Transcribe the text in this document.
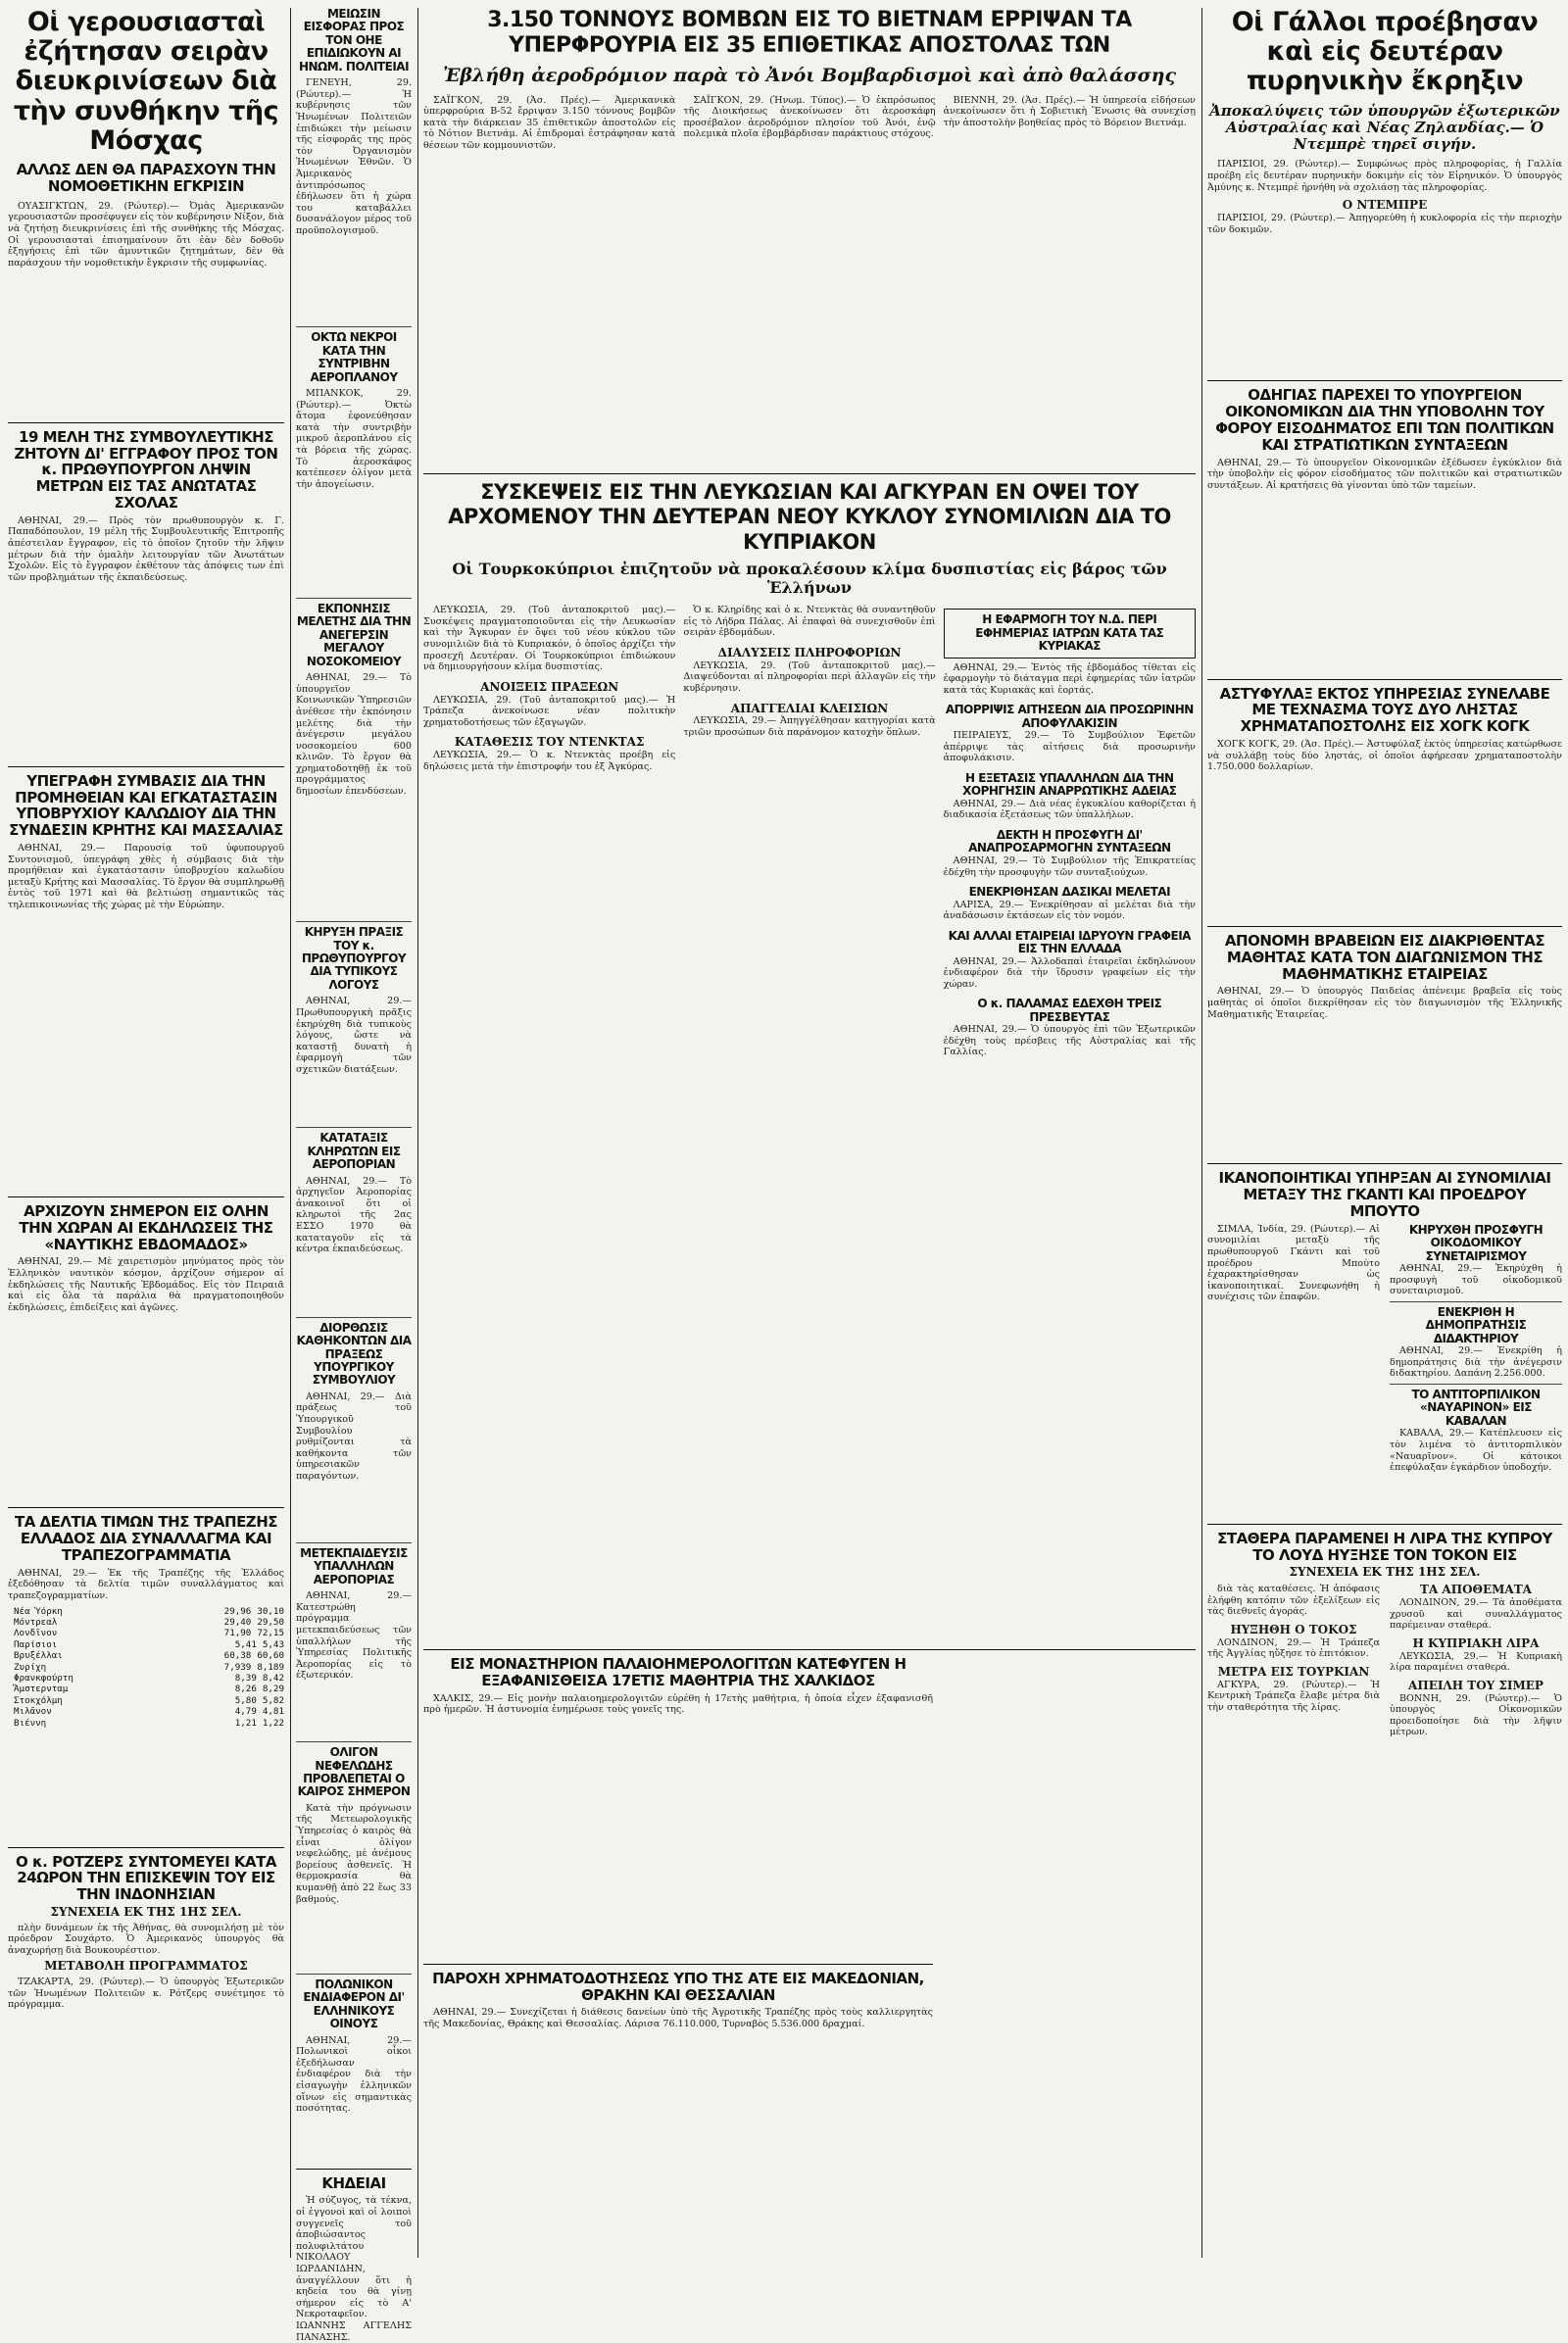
Οἱ γερουσιασταὶ ἐζήτησαν σειρὰν διευκρινίσεων διὰ τὴν συνθήκην τῆς Μόσχας
ΑΛΛΩΣ ΔΕΝ ΘΑ ΠΑΡΑΣΧΟΥΝ ΤΗΝ ΝΟΜΟΘΕΤΙΚΗΝ ΕΓΚΡΙΣΙΝ

ΟΥΑΣΙΓΚΤΩΝ, 29. (Ρώυτερ).— Ὀμὰς Ἀμερικανῶν γερουσιαστῶν προσέφυγεν εἰς τὸν κυβέρνησιν Νίξον, διὰ νὰ ζητήσῃ διευκρινίσεις ἐπὶ τῆς συνθήκης τῆς Μόσχας. Οἱ γερουσιασταὶ ἐπισημαίνουν ὅτι ἐὰν δὲν δοθοῦν ἐξηγήσεις ἐπὶ τῶν ἀμυντικῶν ζητημάτων, δὲν θὰ παράσχουν τὴν νομοθετικὴν ἔγκρισιν τῆς συμφωνίας.

19 ΜΕΛΗ ΤΗΣ ΣΥΜΒΟΥΛΕΥΤΙΚΗΣ ΖΗΤΟΥΝ ΔΙ' ΕΓΓΡΑΦΟΥ ΠΡΟΣ ΤΟΝ κ. ΠΡΩΘΥΠΟΥΡΓΟΝ ΛΗΨΙΝ ΜΕΤΡΩΝ ΕΙΣ ΤΑΣ ΑΝΩΤΑΤΑΣ ΣΧΟΛΑΣ

ΑΘΗΝΑΙ, 29.— Πρὸς τὸν πρωθυπουργὸν κ. Γ. Παπαδόπουλον, 19 μέλη τῆς Συμβουλευτικῆς Ἐπιτροπῆς ἀπέστειλαν ἔγγραφον, εἰς τὸ ὁποῖον ζητοῦν τὴν λῆψιν μέτρων διὰ τὴν ὁμαλὴν λειτουργίαν τῶν Ἀνωτάτων Σχολῶν. Εἰς τὸ ἔγγραφον ἐκθέτουν τὰς ἀπόψεις των ἐπὶ τῶν προβλημάτων τῆς ἐκπαιδεύσεως.

ΥΠΕΓΡΑΦΗ ΣΥΜΒΑΣΙΣ ΔΙΑ ΤΗΝ ΠΡΟΜΗΘΕΙΑΝ ΚΑΙ ΕΓΚΑΤΑΣΤΑΣΙΝ ΥΠΟΒΡΥΧΙΟΥ ΚΑΛΩΔΙΟΥ ΔΙΑ ΤΗΝ ΣΥΝΔΕΣΙΝ ΚΡΗΤΗΣ ΚΑΙ ΜΑΣΣΑΛΙΑΣ

ΑΘΗΝΑΙ, 29.— Παρουσίᾳ τοῦ ὑφυπουργοῦ Συντονισμοῦ, ὑπεγράφη χθὲς ἡ σύμβασις διὰ τὴν προμήθειαν καὶ ἐγκατάστασιν ὑποβρυχίου καλωδίου μεταξὺ Κρήτης καὶ Μασσαλίας. Τὸ ἔργον θὰ συμπληρωθῇ ἐντὸς τοῦ 1971 καὶ θὰ βελτιώσῃ σημαντικῶς τὰς τηλεπικοινωνίας τῆς χώρας μὲ τὴν Εὐρώπην.

ΑΡΧΙΖΟΥΝ ΣΗΜΕΡΟΝ ΕΙΣ ΟΛΗΝ ΤΗΝ ΧΩΡΑΝ ΑΙ ΕΚΔΗΛΩΣΕΙΣ ΤΗΣ «ΝΑΥΤΙΚΗΣ ΕΒΔΟΜΑΔΟΣ»

ΑΘΗΝΑΙ, 29.— Μὲ χαιρετισμὸν μηνύματος πρὸς τὸν Ἑλληνικὸν ναυτικὸν κόσμον, ἀρχίζουν σήμερον αἱ ἐκδηλώσεις τῆς Ναυτικῆς Ἑβδομάδος. Εἰς τὸν Πειραιᾶ καὶ εἰς ὅλα τὰ παράλια θὰ πραγματοποιηθοῦν ἐκδηλώσεις, ἐπιδείξεις καὶ ἀγῶνες.

ΤΑ ΔΕΛΤΙΑ ΤΙΜΩΝ ΤΗΣ ΤΡΑΠΕΖΗΣ ΕΛΛΑΔΟΣ ΔΙΑ ΣΥΝΑΛΛΑΓΜΑ ΚΑΙ ΤΡΑΠΕΖΟΓΡΑΜΜΑΤΙΑ

ΑΘΗΝΑΙ, 29.— Ἐκ τῆς Τραπέζης τῆς Ἑλλάδος ἐξεδόθησαν τὰ δελτία τιμῶν συναλλάγματος καὶ τραπεζογραμματίων.

Νέα Ὑόρκη	29,96 30,10
Μόντρεαλ	29,40 29,50
Λονδῖνον	71,90 72,15
Παρίσιοι	5,41 5,43
Βρυξέλλαι	60,38 60,60
Ζυρίχη	7,939 8,189
Φρανκφούρτη	8,39 8,42
Ἄμστερνταμ	8,26 8,29
Στοκχόλμη	5,80 5,82
Μιλᾶνον	4,79 4,81
Βιέννη	1,21 1,22
Ο κ. ΡΟΤΖΕΡΣ ΣΥΝΤΟΜΕΥΕΙ ΚΑΤΑ 24ΩΡΟΝ ΤΗΝ ΕΠΙΣΚΕΨΙΝ ΤΟΥ ΕΙΣ ΤΗΝ ΙΝΔΟΝΗΣΙΑΝ
ΣΥΝΕΧΕΙΑ ΕΚ ΤΗΣ 1ΗΣ ΣΕΛ.

πλὴν δυνάμεων ἐκ τῆς Ἀθήνας, θὰ συνομιλήσῃ μὲ τὸν πρόεδρον Σουχάρτο. Ὁ Ἀμερικανὸς ὑπουργὸς θὰ ἀναχωρήσῃ διὰ Βουκουρέστιον.

ΜΕΤΑΒΟΛΗ ΠΡΟΓΡΑΜΜΑΤΟΣ

ΤΖΑΚΑΡΤΑ, 29. (Ρώυτερ).— Ὁ ὑπουργὸς Ἐξωτερικῶν τῶν Ἡνωμένων Πολιτειῶν κ. Ρότζερς συνέτμησε τὸ πρόγραμμα.

ΜΕΙΩΣΙΝ ΕΙΣΦΟΡΑΣ ΠΡΟΣ ΤΟΝ ΟΗΕ ΕΠΙΔΙΩΚΟΥΝ ΑΙ ΗΝΩΜ. ΠΟΛΙΤΕΙΑΙ

ΓΕΝΕΥΗ, 29. (Ρώυτερ).— Ἡ κυβέρνησις τῶν Ἡνωμένων Πολιτειῶν ἐπιδιώκει τὴν μείωσιν τῆς εἰσφορᾶς της πρὸς τὸν Ὀργανισμὸν Ἡνωμένων Ἐθνῶν. Ὁ Ἀμερικανὸς ἀντιπρόσωπος ἐδήλωσεν ὅτι ἡ χώρα του καταβάλλει δυσανάλογον μέρος τοῦ προϋπολογισμοῦ.

ΟΚΤΩ ΝΕΚΡΟΙ ΚΑΤΑ ΤΗΝ ΣΥΝΤΡΙΒΗΝ ΑΕΡΟΠΛΑΝΟΥ

ΜΠΑΝΚΟΚ, 29. (Ρώυτερ).— Ὀκτὼ ἄτομα ἐφονεύθησαν κατὰ τὴν συντριβὴν μικροῦ ἀεροπλάνου εἰς τὰ βόρεια τῆς χώρας. Τὸ ἀεροσκάφος κατέπεσεν ὀλίγον μετὰ τὴν ἀπογείωσιν.

ΕΚΠΟΝΗΣΙΣ ΜΕΛΕΤΗΣ ΔΙΑ ΤΗΝ ΑΝΕΓΕΡΣΙΝ ΜΕΓΑΛΟΥ ΝΟΣΟΚΟΜΕΙΟΥ

ΑΘΗΝΑΙ, 29.— Τὸ ὑπουργεῖον Κοινωνικῶν Ὑπηρεσιῶν ἀνέθεσε τὴν ἐκπόνησιν μελέτης διὰ τὴν ἀνέγερσιν μεγάλου νοσοκομείου 600 κλινῶν. Τὸ ἔργον θὰ χρηματοδοτηθῇ ἐκ τοῦ προγράμματος δημοσίων ἐπενδύσεων.

ΚΗΡΥΞΗ ΠΡΑΞΙΣ ΤΟΥ κ. ΠΡΩΘΥΠΟΥΡΓΟΥ ΔΙΑ ΤΥΠΙΚΟΥΣ ΛΟΓΟΥΣ

ΑΘΗΝΑΙ, 29.— Πρωθυπουργικὴ πρᾶξις ἐκηρύχθη διὰ τυπικοὺς λόγους, ὥστε νὰ καταστῇ δυνατὴ ἡ ἐφαρμογὴ τῶν σχετικῶν διατάξεων.

ΚΑΤΑΤΑΞΙΣ ΚΛΗΡΩΤΩΝ ΕΙΣ ΑΕΡΟΠΟΡΙΑΝ

ΑΘΗΝΑΙ, 29.— Τὸ ἀρχηγεῖον Ἀεροπορίας ἀνακοινοῖ ὅτι οἱ κληρωτοὶ τῆς 2ας ΕΣΣΟ 1970 θὰ καταταγοῦν εἰς τὰ κέντρα ἐκπαιδεύσεως.

ΔΙΟΡΘΩΣΙΣ ΚΑΘΗΚΟΝΤΩΝ ΔΙΑ ΠΡΑΞΕΩΣ ΥΠΟΥΡΓΙΚΟΥ ΣΥΜΒΟΥΛΙΟΥ

ΑΘΗΝΑΙ, 29.— Διὰ πράξεως τοῦ Ὑπουργικοῦ Συμβουλίου ρυθμίζονται τὰ καθήκοντα τῶν ὑπηρεσιακῶν παραγόντων.

ΜΕΤΕΚΠΑΙΔΕΥΣΙΣ ΥΠΑΛΛΗΛΩΝ ΑΕΡΟΠΟΡΙΑΣ

ΑΘΗΝΑΙ, 29.— Κατεστρώθη πρόγραμμα μετεκπαιδεύσεως τῶν ὑπαλλήλων τῆς Ὑπηρεσίας Πολιτικῆς Ἀεροπορίας εἰς τὸ ἐξωτερικόν.

ΟΛΙΓΟΝ ΝΕΦΕΛΩΔΗΣ ΠΡΟΒΛΕΠΕΤΑΙ Ο ΚΑΙΡΟΣ ΣΗΜΕΡΟΝ

Κατὰ τὴν πρόγνωσιν τῆς Μετεωρολογικῆς Ὑπηρεσίας ὁ καιρὸς θὰ εἶναι ὀλίγον νεφελώδης, μὲ ἀνέμους βορείους ἀσθενεῖς. Ἡ θερμοκρασία θὰ κυμανθῇ ἀπὸ 22 ἕως 33 βαθμούς.

ΠΟΛΩΝΙΚΟΝ ΕΝΔΙΑΦΕΡΟΝ ΔΙ' ΕΛΛΗΝΙΚΟΥΣ ΟΙΝΟΥΣ

ΑΘΗΝΑΙ, 29.— Πολωνικοὶ οἶκοι ἐξεδήλωσαν ἐνδιαφέρον διὰ τὴν εἰσαγωγὴν ἑλληνικῶν οἴνων εἰς σημαντικὰς ποσότητας.

ΚΗΔΕΙΑΙ

Ἡ σύζυγος, τὰ τέκνα, οἱ ἐγγονοὶ καὶ οἱ λοιποὶ συγγενεῖς τοῦ ἀποβιώσαντος πολυφιλτάτου ΝΙΚΟΛΑΟΥ ΙΩΡΔΑΝΙΔΗΝ, ἀναγγέλλουν ὅτι ἡ κηδεία του θὰ γίνῃ σήμερον εἰς τὸ Α' Νεκροταφεῖον. ΙΩΑΝΝΗΣ ΑΓΓΕΛΗΣ ΠΑΝΑΣΗΣ.

3.150 ΤΟΝΝΟΥΣ ΒΟΜΒΩΝ ΕΙΣ ΤΟ ΒΙΕΤΝΑΜ ΕΡΡΙΨΑΝ ΤΑ ΥΠΕΡΦΡΟΥΡΙΑ ΕΙΣ 35 ΕΠΙΘΕΤΙΚΑΣ ΑΠΟΣΤΟΛΑΣ ΤΩΝ
Ἐβλήθη ἀεροδρόμιον παρὰ τὸ Ἀνόι Βομβαρδισμοὶ καὶ ἀπὸ θαλάσσης

ΣΑΪΓΚΟΝ, 29. (Ἀσ. Πρές).— Ἀμερικανικὰ ὑπερφρούρια Β-52 ἔρριψαν 3.150 τόννους βομβῶν κατὰ τὴν διάρκειαν 35 ἐπιθετικῶν ἀποστολῶν εἰς τὸ Νότιον Βιετνάμ. Αἱ ἐπιδρομαὶ ἐστράφησαν κατὰ θέσεων τῶν κομμουνιστῶν.

ΣΑΪΓΚΟΝ, 29. (Ἡνωμ. Τύπος).— Ὁ ἐκπρόσωπος τῆς Διοικήσεως ἀνεκοίνωσεν ὅτι ἀεροσκάφη προσέβαλον ἀεροδρόμιον πλησίον τοῦ Ἀνόι, ἐνῷ πολεμικὰ πλοῖα ἐβομβάρδισαν παράκτιους στόχους.

ΒΙΕΝΝΗ, 29. (Ἀσ. Πρές).— Ἡ ὑπηρεσία εἰδήσεων ἀνεκοίνωσεν ὅτι ἡ Σοβιετικὴ Ἕνωσις θὰ συνεχίσῃ τὴν ἀποστολὴν βοηθείας πρὸς τὸ Βόρειον Βιετνάμ.

ΣΥΣΚΕΨΕΙΣ ΕΙΣ ΤΗΝ ΛΕΥΚΩΣΙΑΝ ΚΑΙ ΑΓΚΥΡΑΝ ΕΝ ΟΨΕΙ ΤΟΥ ΑΡΧΟΜΕΝΟΥ ΤΗΝ ΔΕΥΤΕΡΑΝ ΝΕΟΥ ΚΥΚΛΟΥ ΣΥΝΟΜΙΛΙΩΝ ΔΙΑ ΤΟ ΚΥΠΡΙΑΚΟΝ
Οἱ Τουρκοκύπριοι ἐπιζητοῦν νὰ προκαλέσουν κλίμα δυσπιστίας εἰς βάρος τῶν Ἑλλήνων

ΛΕΥΚΩΣΙΑ, 29. (Τοῦ ἀνταποκριτοῦ μας).— Συσκέψεις πραγματοποιοῦνται εἰς τὴν Λευκωσίαν καὶ τὴν Ἄγκυραν ἐν ὄψει τοῦ νέου κύκλου τῶν συνομιλιῶν διὰ τὸ Κυπριακόν, ὁ ὁποῖος ἀρχίζει τὴν προσεχῆ Δευτέραν. Οἱ Τουρκοκύπριοι ἐπιδιώκουν νὰ δημιουργήσουν κλίμα δυσπιστίας.

ΑΝΟΙΞΕΙΣ ΠΡΑΞΕΩΝ

ΛΕΥΚΩΣΙΑ, 29. (Τοῦ ἀνταποκριτοῦ μας).— Ἡ Τράπεζα ἀνεκοίνωσε νέαν πολιτικὴν χρηματοδοτήσεως τῶν ἐξαγωγῶν.

ΚΑΤΑΘΕΣΙΣ ΤΟΥ ΝΤΕΝΚΤΑΣ

ΛΕΥΚΩΣΙΑ, 29.— Ὁ κ. Ντενκτὰς προέβη εἰς δηλώσεις μετὰ τὴν ἐπιστροφήν του ἐξ Ἀγκύρας.

Ὁ κ. Κληρίδης καὶ ὁ κ. Ντενκτὰς θὰ συναντηθοῦν εἰς τὸ Λήδρα Πάλας. Αἱ ἐπαφαὶ θὰ συνεχισθοῦν ἐπὶ σειρὰν ἑβδομάδων.

ΔΙΑΛΥΣΕΙΣ ΠΛΗΡΟΦΟΡΙΩΝ

ΛΕΥΚΩΣΙΑ, 29. (Τοῦ ἀνταποκριτοῦ μας).— Διαψεύδονται αἱ πληροφορίαι περὶ ἀλλαγῶν εἰς τὴν κυβέρνησιν.

ΑΠΑΓΓΕΛΙΑΙ ΚΛΕΙΣΙΩΝ

ΛΕΥΚΩΣΙΑ, 29.— Ἀπηγγέλθησαν κατηγορίαι κατὰ τριῶν προσώπων διὰ παράνομον κατοχὴν ὅπλων.

Η ΕΦΑΡΜΟΓΗ ΤΟΥ Ν.Δ. ΠΕΡΙ ΕΦΗΜΕΡΙΑΣ ΙΑΤΡΩΝ ΚΑΤΑ ΤΑΣ ΚΥΡΙΑΚΑΣ

ΑΘΗΝΑΙ, 29.— Ἐντὸς τῆς ἑβδομάδος τίθεται εἰς ἐφαρμογὴν τὸ διάταγμα περὶ ἐφημερίας τῶν ἰατρῶν κατὰ τὰς Κυριακὰς καὶ ἑορτάς.

ΑΠΟΡΡΙΨΙΣ ΑΙΤΗΣΕΩΝ ΔΙΑ ΠΡΟΣΩΡΙΝΗΝ ΑΠΟΦΥΛΑΚΙΣΙΝ

ΠΕΙΡΑΙΕΥΣ, 29.— Τὸ Συμβούλιον Ἐφετῶν ἀπέρριψε τὰς αἰτήσεις διὰ προσωρινὴν ἀποφυλάκισιν.

Η ΕΞΕΤΑΣΙΣ ΥΠΑΛΛΗΛΩΝ ΔΙΑ ΤΗΝ ΧΟΡΗΓΗΣΙΝ ΑΝΑΡΡΩΤΙΚΗΣ ΑΔΕΙΑΣ

ΑΘΗΝΑΙ, 29.— Διὰ νέας ἐγκυκλίου καθορίζεται ἡ διαδικασία ἐξετάσεως τῶν ὑπαλλήλων.

ΔΕΚΤΗ Η ΠΡΟΣΦΥΓΗ ΔΙ' ΑΝΑΠΡΟΣΑΡΜΟΓΗΝ ΣΥΝΤΑΞΕΩΝ

ΑΘΗΝΑΙ, 29.— Τὸ Συμβούλιον τῆς Ἐπικρατείας ἐδέχθη τὴν προσφυγὴν τῶν συνταξιούχων.

ΕΝΕΚΡΙΘΗΣΑΝ ΔΑΣΙΚΑΙ ΜΕΛΕΤΑΙ

ΛΑΡΙΣΑ, 29.— Ἐνεκρίθησαν αἱ μελέται διὰ τὴν ἀναδάσωσιν ἐκτάσεων εἰς τὸν νομόν.

ΚΑΙ ΑΛΛΑΙ ΕΤΑΙΡΕΙΑΙ ΙΔΡΥΟΥΝ ΓΡΑΦΕΙΑ ΕΙΣ ΤΗΝ ΕΛΛΑΔΑ

ΑΘΗΝΑΙ, 29.— Ἀλλοδαπαὶ ἑταιρεῖαι ἐκδηλώνουν ἐνδιαφέρον διὰ τὴν ἵδρυσιν γραφείων εἰς τὴν χώραν.

Ο κ. ΠΑΛΑΜΑΣ ΕΔΕΧΘΗ ΤΡΕΙΣ ΠΡΕΣΒΕΥΤΑΣ

ΑΘΗΝΑΙ, 29.— Ὁ ὑπουργὸς ἐπὶ τῶν Ἐξωτερικῶν ἐδέχθη τοὺς πρέσβεις τῆς Αὐστραλίας καὶ τῆς Γαλλίας.

ΕΙΣ ΜΟΝΑΣΤΗΡΙΟΝ ΠΑΛΑΙΟΗΜΕΡΟΛΟΓΙΤΩΝ ΚΑΤΕΦΥΓΕΝ Η ΕΞΑΦΑΝΙΣΘΕΙΣΑ 17ΕΤΙΣ ΜΑΘΗΤΡΙΑ ΤΗΣ ΧΑΛΚΙΔΟΣ

ΧΑΛΚΙΣ, 29.— Εἰς μονὴν παλαιοημερολογιτῶν εὑρέθη ἡ 17ετὴς μαθήτρια, ἡ ὁποία εἶχεν ἐξαφανισθῆ πρὸ ἡμερῶν. Ἡ ἀστυνομία ἐνημέρωσε τοὺς γονεῖς της.

ΠΑΡΟΧΗ ΧΡΗΜΑΤΟΔΟΤΗΣΕΩΣ ΥΠΟ ΤΗΣ ΑΤΕ ΕΙΣ ΜΑΚΕΔΟΝΙΑΝ, ΘΡΑΚΗΝ ΚΑΙ ΘΕΣΣΑΛΙΑΝ

ΑΘΗΝΑΙ, 29.— Συνεχίζεται ἡ διάθεσις δανείων ὑπὸ τῆς Ἀγροτικῆς Τραπέζης πρὸς τοὺς καλλιεργητὰς τῆς Μακεδονίας, Θράκης καὶ Θεσσαλίας. Λάρισα 76.110.000, Τυρναβὸς 5.536.000 δραχμαί.

Οἱ Γάλλοι προέβησαν καὶ εἰς δευτέραν πυρηνικὴν ἔκρηξιν
Ἀποκαλύψεις τῶν ὑπουργῶν ἐξωτερικῶν Αὐστραλίας καὶ Νέας Ζηλανδίας.— Ὁ Ντεμπρὲ τηρεῖ σιγήν.

ΠΑΡΙΣΙΟΙ, 29. (Ρώυτερ).— Συμφώνως πρὸς πληροφορίας, ἡ Γαλλία προέβη εἰς δευτέραν πυρηνικὴν δοκιμὴν εἰς τὸν Εἰρηνικόν. Ὁ ὑπουργὸς Ἀμύνης κ. Ντεμπρὲ ἠρνήθη νὰ σχολιάσῃ τὰς πληροφορίας.

Ο ΝΤΕΜΠΡΕ

ΠΑΡΙΣΙΟΙ, 29. (Ρώυτερ).— Ἀπηγορεύθη ἡ κυκλοφορία εἰς τὴν περιοχὴν τῶν δοκιμῶν.

ΟΔΗΓΙΑΣ ΠΑΡΕΧΕΙ ΤΟ ΥΠΟΥΡΓΕΙΟΝ ΟΙΚΟΝΟΜΙΚΩΝ ΔΙΑ ΤΗΝ ΥΠΟΒΟΛΗΝ ΤΟΥ ΦΟΡΟΥ ΕΙΣΟΔΗΜΑΤΟΣ ΕΠΙ ΤΩΝ ΠΟΛΙΤΙΚΩΝ ΚΑΙ ΣΤΡΑΤΙΩΤΙΚΩΝ ΣΥΝΤΑΞΕΩΝ

ΑΘΗΝΑΙ, 29.— Τὸ ὑπουργεῖον Οἰκονομικῶν ἐξέδωσεν ἐγκύκλιον διὰ τὴν ὑποβολὴν εἰς φόρον εἰσοδήματος τῶν πολιτικῶν καὶ στρατιωτικῶν συντάξεων. Αἱ κρατήσεις θὰ γίνονται ὑπὸ τῶν ταμείων.

ΑΣΤΥΦΥΛΑΞ ΕΚΤΟΣ ΥΠΗΡΕΣΙΑΣ ΣΥΝΕΛΑΒΕ ΜΕ ΤΕΧΝΑΣΜΑ ΤΟΥΣ ΔΥΟ ΛΗΣΤΑΣ ΧΡΗΜΑΤΑΠΟΣΤΟΛΗΣ ΕΙΣ ΧΟΓΚ ΚΟΓΚ

ΧΟΓΚ ΚΟΓΚ, 29. (Ἀσ. Πρές).— Ἀστυφύλαξ ἐκτὸς ὑπηρεσίας κατώρθωσε νὰ συλλάβῃ τοὺς δύο ληστάς, οἱ ὁποῖοι ἀφήρεσαν χρηματαποστολὴν 1.750.000 δολλαρίων.

ΑΠΟΝΟΜΗ ΒΡΑΒΕΙΩΝ ΕΙΣ ΔΙΑΚΡΙΘΕΝΤΑΣ ΜΑΘΗΤΑΣ ΚΑΤΑ ΤΟΝ ΔΙΑΓΩΝΙΣΜΟΝ ΤΗΣ ΜΑΘΗΜΑΤΙΚΗΣ ΕΤΑΙΡΕΙΑΣ

ΑΘΗΝΑΙ, 29.— Ὁ ὑπουργὸς Παιδείας ἀπένειμε βραβεῖα εἰς τοὺς μαθητὰς οἱ ὁποῖοι διεκρίθησαν εἰς τὸν διαγωνισμὸν τῆς Ἑλληνικῆς Μαθηματικῆς Ἑταιρείας.

ΙΚΑΝΟΠΟΙΗΤΙΚΑΙ ΥΠΗΡΞΑΝ ΑΙ ΣΥΝΟΜΙΛΙΑΙ ΜΕΤΑΞΥ ΤΗΣ ΓΚΑΝΤΙ ΚΑΙ ΠΡΟΕΔΡΟΥ ΜΠΟΥΤΟ

ΣΙΜΛΑ, Ἰνδία, 29. (Ρώυτερ).— Αἱ συνομιλίαι μεταξὺ τῆς πρωθυπουργοῦ Γκάντι καὶ τοῦ προέδρου Μπούτο ἐχαρακτηρίσθησαν ὡς ἱκανοποιητικαί. Συνεφωνήθη ἡ συνέχισις τῶν ἐπαφῶν.

ΚΗΡΥΧΘΗ ΠΡΟΣΦΥΓΗ ΟΙΚΟΔΟΜΙΚΟΥ ΣΥΝΕΤΑΙΡΙΣΜΟΥ

ΑΘΗΝΑΙ, 29.— Ἐκηρύχθη ἡ προσφυγὴ τοῦ οἰκοδομικοῦ συνεταιρισμοῦ.

ΕΝΕΚΡΙΘΗ Η ΔΗΜΟΠΡΑΤΗΣΙΣ ΔΙΔΑΚΤΗΡΙΟΥ

ΑΘΗΝΑΙ, 29.— Ἐνεκρίθη ἡ δημοπράτησις διὰ τὴν ἀνέγερσιν διδακτηρίου. Δαπάνη 2.256.000.

ΤΟ ΑΝΤΙΤΟΡΠΙΛΙΚΟΝ «ΝΑΥΑΡΙΝΟΝ» ΕΙΣ ΚΑΒΑΛΑΝ

ΚΑΒΑΛΑ, 29.— Κατέπλευσεν εἰς τὸν λιμένα τὸ ἀντιτορπιλικὸν «Ναυαρῖνον». Οἱ κάτοικοι ἐπεφύλαξαν ἐγκάρδιον ὑποδοχήν.

ΣΤΑΘΕΡΑ ΠΑΡΑΜΕΝΕΙ Η ΛΙΡΑ ΤΗΣ ΚΥΠΡΟΥ ΤΟ ΛΟΥΔ ΗΥΞΗΣΕ ΤΟΝ ΤΟΚΟΝ ΕΙΣ
ΣΥΝΕΧΕΙΑ ΕΚ ΤΗΣ 1ΗΣ ΣΕΛ.

διὰ τὰς καταθέσεις. Ἡ ἀπόφασις ἐλήφθη κατόπιν τῶν ἐξελίξεων εἰς τὰς διεθνεῖς ἀγοράς.

ΗΥΞΗΘΗ Ο ΤΟΚΟΣ

ΛΟΝΔΙΝΟΝ, 29.— Ἡ Τράπεζα τῆς Ἀγγλίας ηὔξησε τὸ ἐπιτόκιον.

ΜΕΤΡΑ ΕΙΣ ΤΟΥΡΚΙΑΝ

ΑΓΚΥΡΑ, 29. (Ρώυτερ).— Ἡ Κεντρικὴ Τράπεζα ἔλαβε μέτρα διὰ τὴν σταθερότητα τῆς λίρας.

ΤΑ ΑΠΟΘΕΜΑΤΑ

ΛΟΝΔΙΝΟΝ, 29.— Τὰ ἀποθέματα χρυσοῦ καὶ συναλλάγματος παρέμειναν σταθερά.

Η ΚΥΠΡΙΑΚΗ ΛΙΡΑ

ΛΕΥΚΩΣΙΑ, 29.— Ἡ Κυπριακὴ λίρα παραμένει σταθερά.

ΑΠΕΙΛΗ ΤΟΥ ΣΙΜΕΡ

ΒΟΝΝΗ, 29. (Ρώυτερ).— Ὁ ὑπουργὸς Οἰκονομικῶν προειδοποίησε διὰ τὴν λῆψιν μέτρων.
